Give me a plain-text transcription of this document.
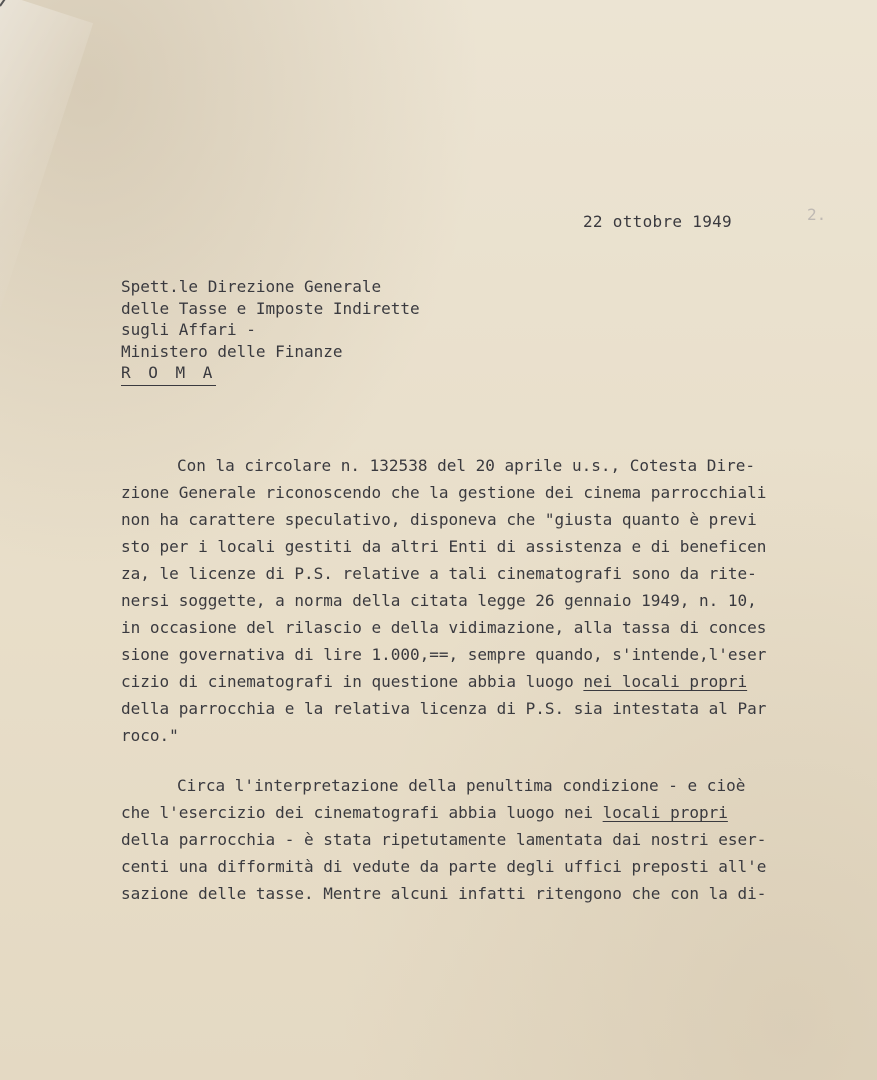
2.
22 ottobre 1949
Spett.le Direzione Generale
delle Tasse e Imposte Indirette
sugli Affari -
Ministero delle Finanze
R O M A
Con la circolare n. 132538 del 20 aprile u.s., Cotesta Dire-
zione Generale riconoscendo che la gestione dei cinema parrocchiali
non ha carattere speculativo, disponeva che "giusta quanto è previ
sto per i locali gestiti da altri Enti di assistenza e di beneficen
za, le licenze di P.S. relative a tali cinematografi sono da rite-
nersi soggette, a norma della citata legge 26 gennaio 1949, n. 10,
in occasione del rilascio e della vidimazione, alla tassa di conces
sione governativa di lire 1.000,==, sempre quando, s'intende,l'eser
cizio di cinematografi in questione abbia luogo nei locali propri
della parrocchia e la relativa licenza di P.S. sia intestata al Par
roco."
Circa l'interpretazione della penultima condizione - e cioè
che l'esercizio dei cinematografi abbia luogo nei locali propri
della parrocchia - è stata ripetutamente lamentata dai nostri eser-
centi una difformità di vedute da parte degli uffici preposti all'e
sazione delle tasse. Mentre alcuni infatti ritengono che con la di-
